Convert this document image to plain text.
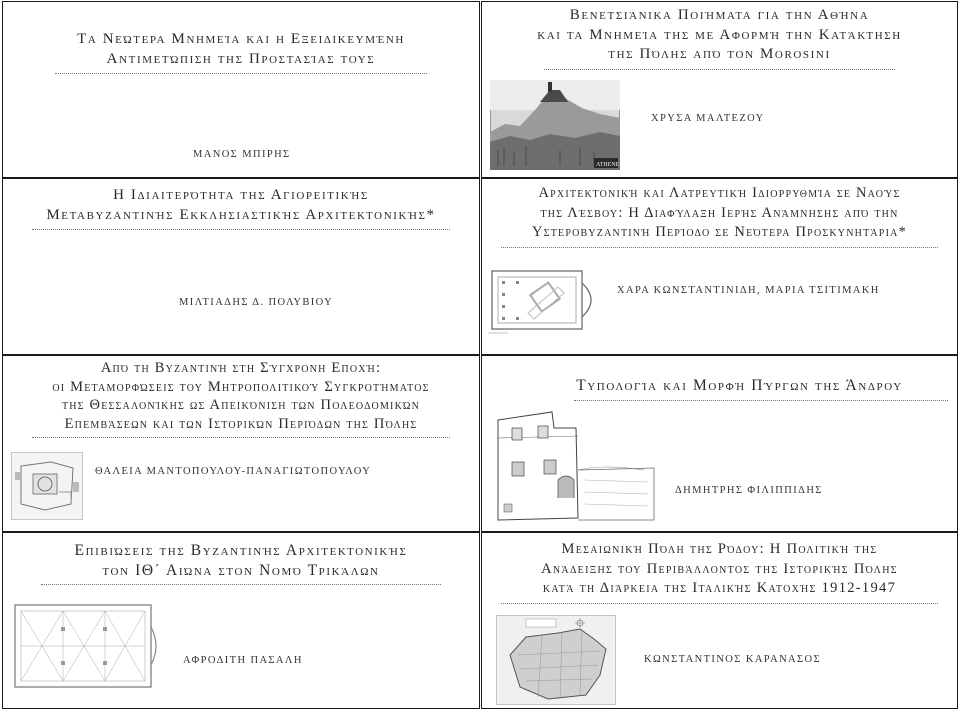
Τα Νεώτερα Μνημεία και η Εξειδικευμένη
Αντιμετώπιση της Προστασίας τους
ΜΑΝΟΣ ΜΠΙΡΗΣ
Βενετσιάνικα Ποιήματα για την Αθήνα
και τα Μνημεία της με Αφορμή την Κατάκτηση
της Πόλης από τον Morosini
ATHENE
ΧΡΥΣΑ ΜΑΛΤΕΖΟΥ
Η Ιδιαιτερότητα της Αγιορειτικής
Μεταβυζαντινής Εκκλησιαστικής Αρχιτεκτονικής*
ΜΙΛΤΙΑΔΗΣ Δ. ΠΟΛΥΒΙΟΥ
Αρχιτεκτονική και Λατρευτική Ιδιορρυθμία σε Ναούς
της Λέσβου: Η Διαφύλαξη Ιερής Ανάμνησης από την
Υστεροβυζαντινή Περίοδο σε Νεότερα Προσκυνητάρια*
ΧΑΡΑ ΚΩΝΣΤΑΝΤΙΝΙΔΗ, ΜΑΡΙΑ ΤΣΙΤΙΜΑΚΗ
Από τη Βυζαντινή στη Σύγχρονη Εποχή:
οι Μεταμορφώσεις του Μητροπολιτικού Συγκροτήματος
της Θεσσαλονίκης ως Απεικόνιση των Πολεοδομικών
Επεμβάσεων και των Ιστορικών Περιόδων της Πόλης
ΘΑΛΕΙΑ ΜΑΝΤΟΠΟΥΛΟΥ-ΠΑΝΑΓΙΩΤΟΠΟΥΛΟΥ
Τυπολογία και Μορφή Πύργων της Άνδρου
ΔΗΜΗΤΡΗΣ ΦΙΛΙΠΠΙΔΗΣ
Επιβιώσεις της Βυζαντινής Αρχιτεκτονικής
τον ΙΘ΄ Αιώνα στον Νομό Τρικάλων
ΑΦΡΟΔΙΤΗ ΠΑΣΑΛΗ
Μεσαιωνική Πόλη της Ρόδου: Η Πολιτική της
Ανάδειξης του Περιβάλλοντος της Ιστορικής Πόλης
κατά τη Διάρκεια της Ιταλικής Κατοχής 1912-1947
ΚΩΝΣΤΑΝΤΙΝΟΣ ΚΑΡΑΝΑΣΟΣ
